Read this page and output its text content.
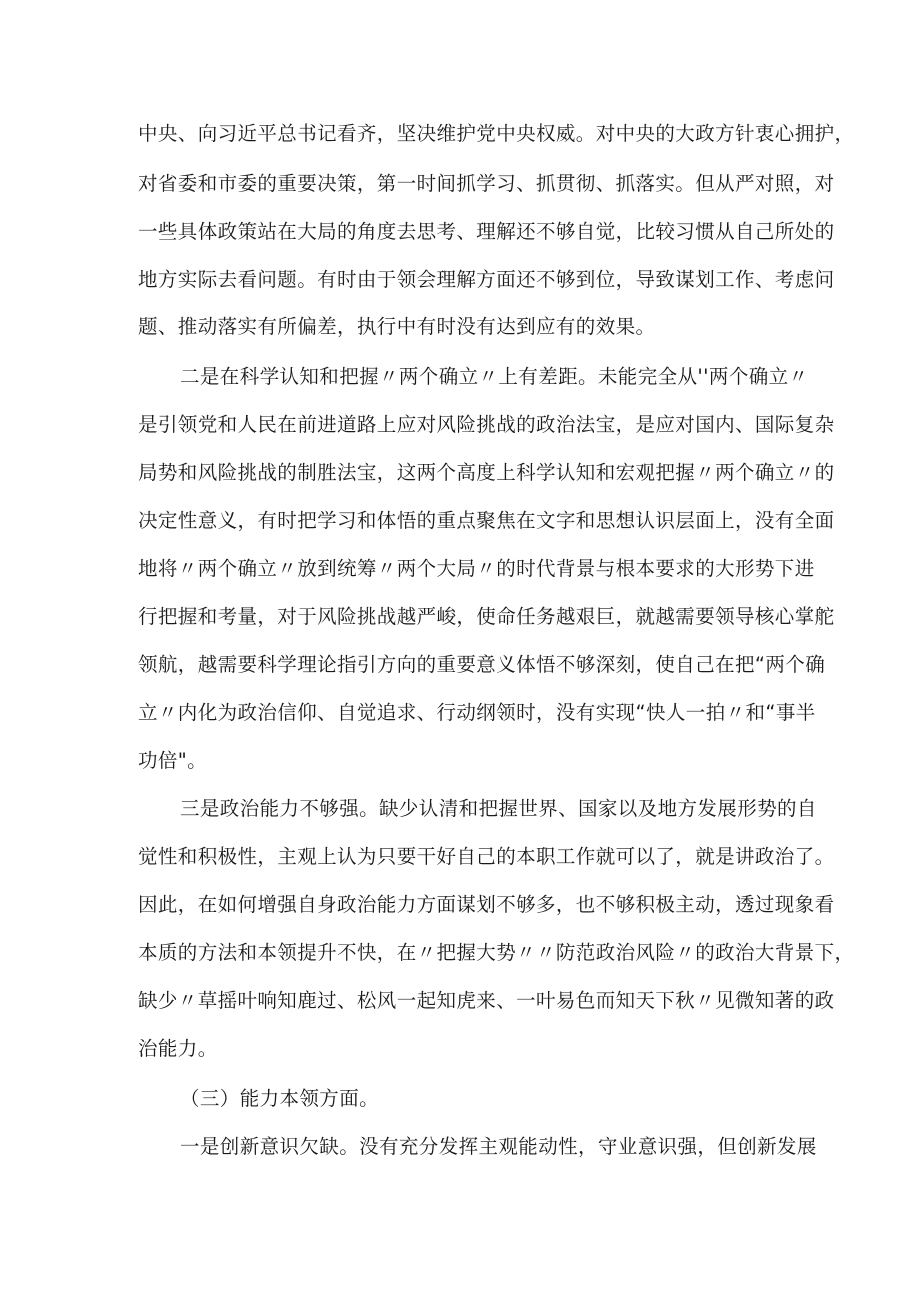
中央、向习近平总书记看齐，坚决维护党中央权威。对中央的大政方针衷心拥护，

对省委和市委的重要决策，第一时间抓学习、抓贯彻、抓落实。但从严对照，对

一些具体政策站在大局的角度去思考、理解还不够自觉，比较习惯从自己所处的

地方实际去看问题。有时由于领会理解方面还不够到位，导致谋划工作、考虑问

题、推动落实有所偏差，执行中有时没有达到应有的效果。

二是在科学认知和把握〃两个确立〃上有差距。未能完全从''两个确立〃

是引领党和人民在前进道路上应对风险挑战的政治法宝，是应对国内、国际复杂

局势和风险挑战的制胜法宝，这两个高度上科学认知和宏观把握〃两个确立〃的

决定性意义，有时把学习和体悟的重点聚焦在文字和思想认识层面上，没有全面

地将〃两个确立〃放到统筹〃两个大局〃的时代背景与根本要求的大形势下进

行把握和考量，对于风险挑战越严峻，使命任务越艰巨，就越需要领导核心掌舵

领航，越需要科学理论指引方向的重要意义体悟不够深刻，使自己在把“两个确

立〃内化为政治信仰、自觉追求、行动纲领时，没有实现“快人一拍〃和“事半

功倍"。

三是政治能力不够强。缺少认清和把握世界、国家以及地方发展形势的自

觉性和积极性，主观上认为只要干好自己的本职工作就可以了，就是讲政治了。

因此，在如何增强自身政治能力方面谋划不够多，也不够积极主动，透过现象看

本质的方法和本领提升不快，在〃把握大势〃〃防范政治风险〃的政治大背景下，

缺少〃草摇叶响知鹿过、松风一起知虎来、一叶易色而知天下秋〃见微知著的政

治能力。

（三）能力本领方面。

一是创新意识欠缺。没有充分发挥主观能动性，守业意识强，但创新发展
